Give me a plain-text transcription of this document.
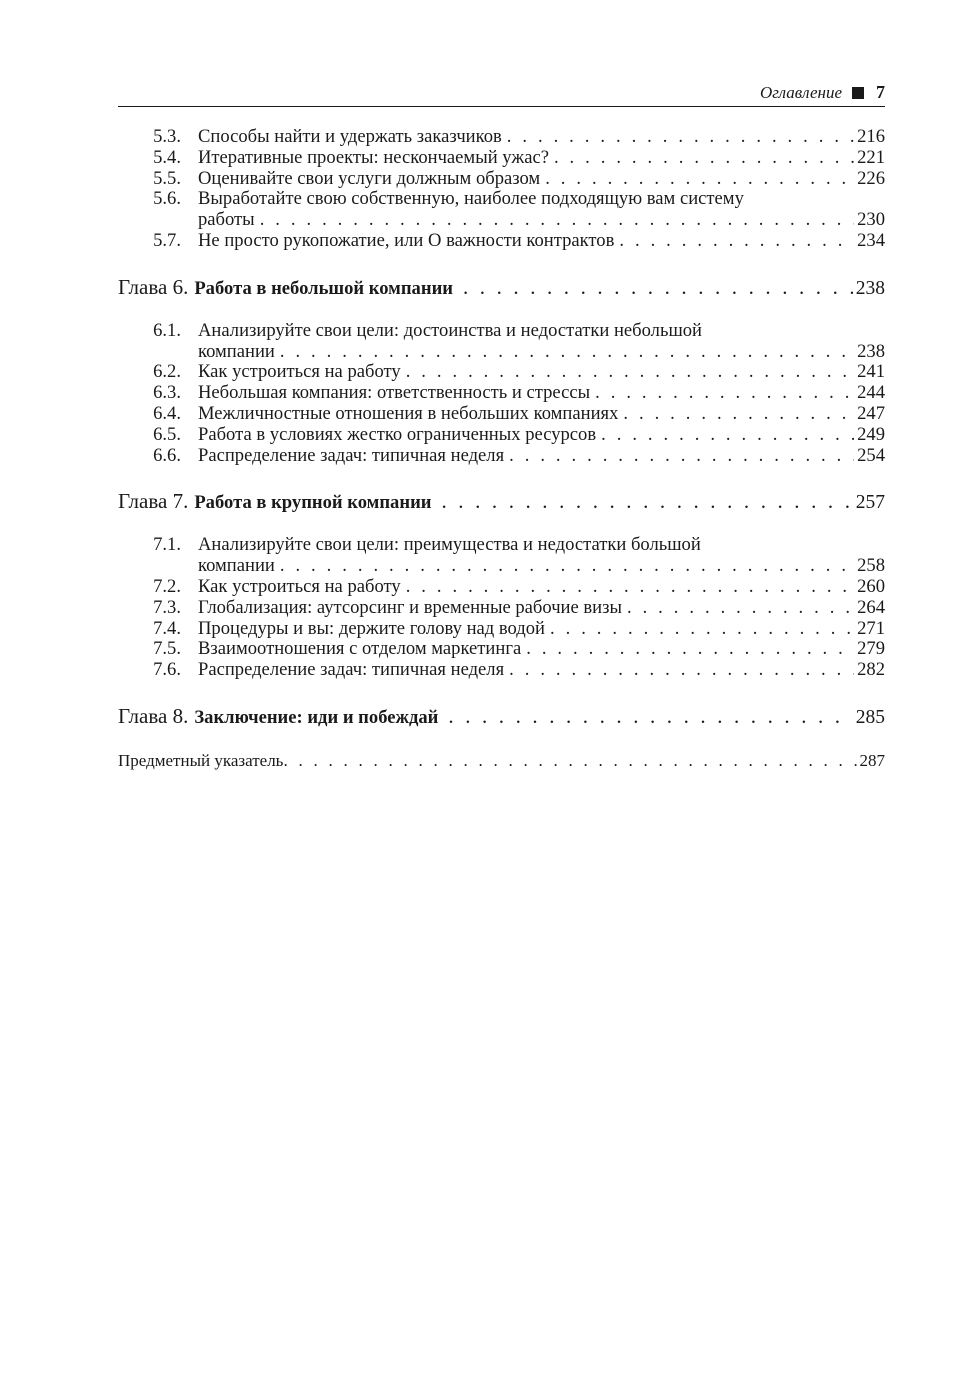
Оглавление 7
5.3. Способы найти и удержать заказчиков . . .	216
5.4. Итеративные проекты: нескончаемый ужас? . . .	221
5.5. Оценивайте свои услуги должным образом . . .	226
5.6. Выработайте свою собственную, наиболее подходящую вам систему
работы . . .	230
5.7. Не просто рукопожатие, или О важности контрактов . . .	234
Глава 6. Работа в небольшой компании . . .	238
6.1. Анализируйте свои цели: достоинства и недостатки небольшой
компании . . .	238
6.2. Как устроиться на работу . . .	241
6.3. Небольшая компания: ответственность и стрессы . . .	244
6.4. Межличностные отношения в небольших компаниях . . .	247
6.5. Работа в условиях жестко ограниченных ресурсов . . .	249
6.6. Распределение задач: типичная неделя . . .	254
Глава 7. Работа в крупной компании . . .	257
7.1. Анализируйте свои цели: преимущества и недостатки большой
компании . . .	258
7.2. Как устроиться на работу . . .	260
7.3. Глобализация: аутсорсинг и временные рабочие визы . . .	264
7.4. Процедуры и вы: держите голову над водой . . .	271
7.5. Взаимоотношения с отделом маркетинга . . .	279
7.6. Распределение задач: типичная неделя . . .	282
Глава 8. Заключение: иди и побеждай . . .	285
Предметный указатель . . .	287
